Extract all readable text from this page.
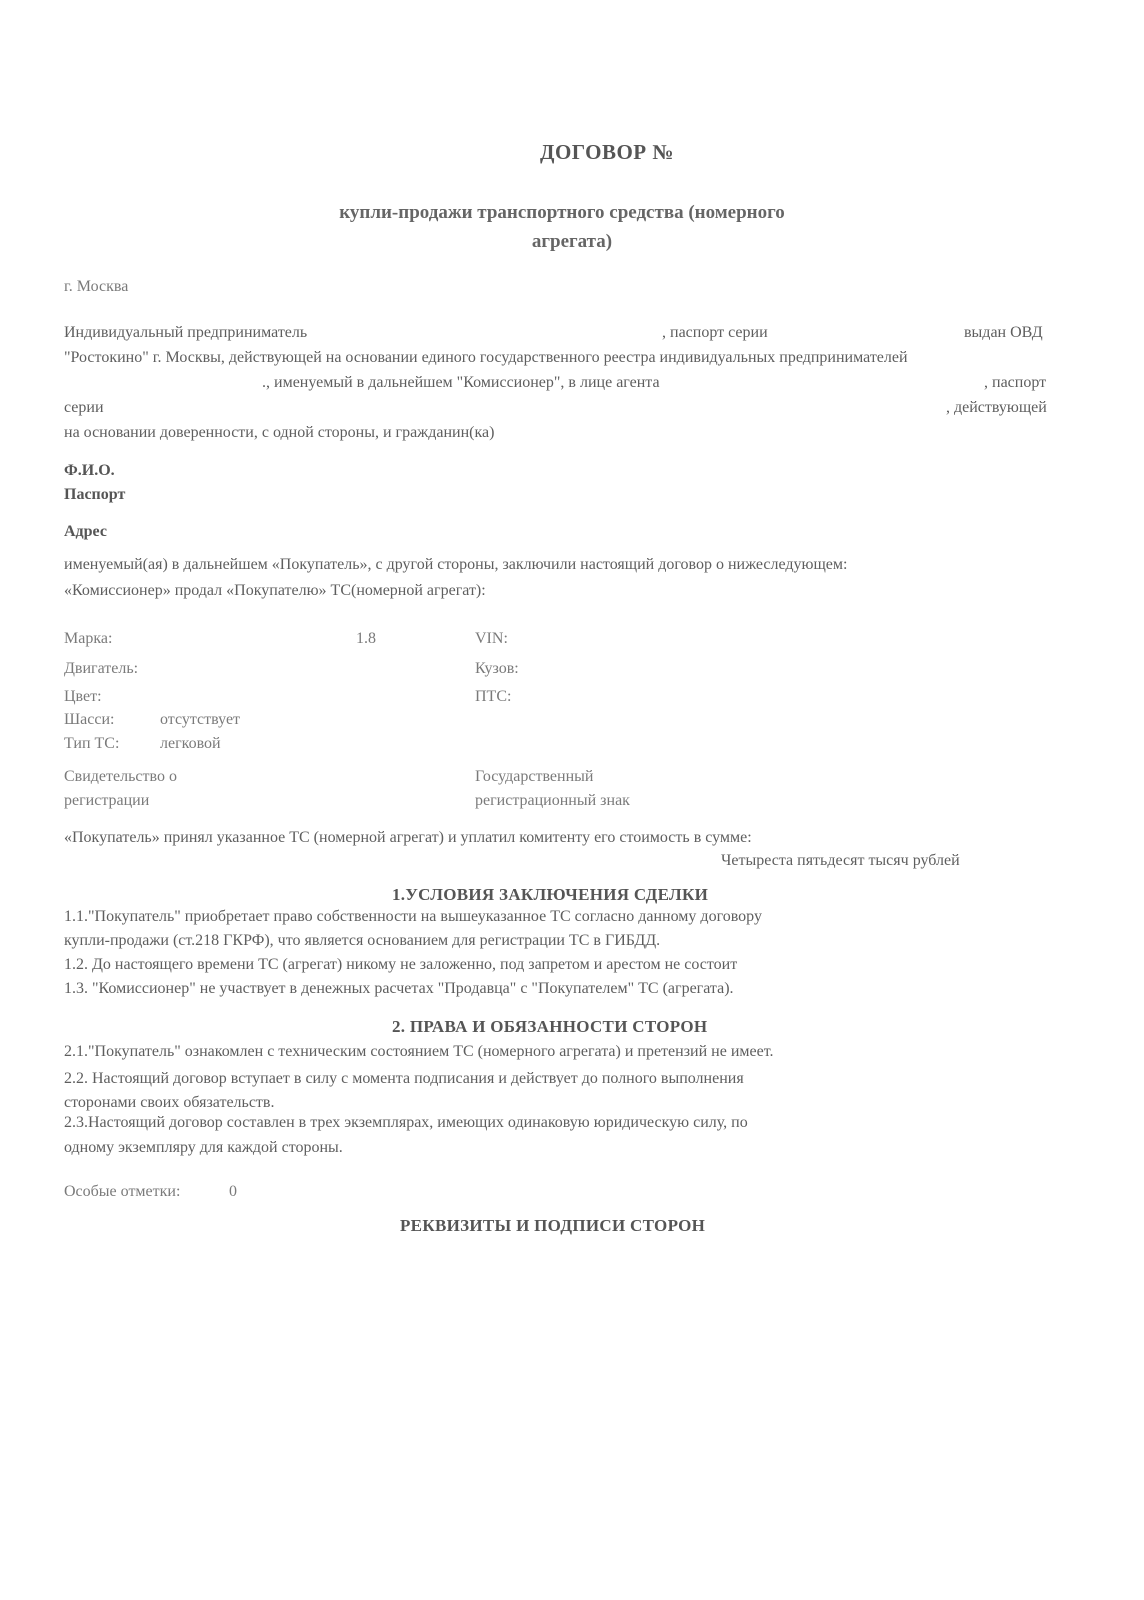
ДОГОВОР №
купли-продажи транспортного средства (номерного
агрегата)
г. Москва
Индивидуальный предприниматель	, паспорт серии	выдан ОВД
"Ростокино" г. Москвы, действующей на основании единого государственного реестра индивидуальных предпринимателей
., именуемый в дальнейшем "Комиссионер", в лице агента	, паспорт
серии	, действующей
на основании доверенности, с одной стороны, и гражданин(ка)
Ф.И.О.
Паспорт
Адрес
именуемый(ая) в дальнейшем «Покупатель», с другой стороны, заключили настоящий договор о нижеследующем:
«Комиссионер» продал «Покупателю» ТС(номерной агрегат):
Марка:	1.8	VIN:
Двигатель:	Кузов:
Цвет:	ПТС:
Шасси:	отсутствует
Тип ТС:	легковой
Свидетельство о
регистрации
Государственный
регистрационный знак
«Покупатель» принял указанное ТС (номерной агрегат) и уплатил комитенту его стоимость в сумме:
Четыреста пятьдесят тысяч рублей
1.УСЛОВИЯ ЗАКЛЮЧЕНИЯ СДЕЛКИ
1.1."Покупатель" приобретает право собственности на вышеуказанное ТС согласно данному договору
купли-продажи (ст.218 ГКРФ), что является основанием для регистрации ТС в ГИБДД.
1.2. До настоящего времени ТС (агрегат) никому не заложенно, под запретом и арестом не состоит
1.3. "Комиссионер" не участвует в денежных расчетах "Продавца" с "Покупателем" ТС (агрегата).
2. ПРАВА И ОБЯЗАННОСТИ СТОРОН
2.1."Покупатель" ознакомлен с техническим состоянием ТС (номерного агрегата) и претензий не имеет.
2.2. Настоящий договор вступает в силу с момента подписания и действует до полного выполнения
сторонами своих обязательств.
2.3.Настоящий договор составлен в трех экземплярах, имеющих одинаковую юридическую силу, по
одному экземпляру для каждой стороны.
Особые отметки:	0
РЕКВИЗИТЫ И ПОДПИСИ СТОРОН
